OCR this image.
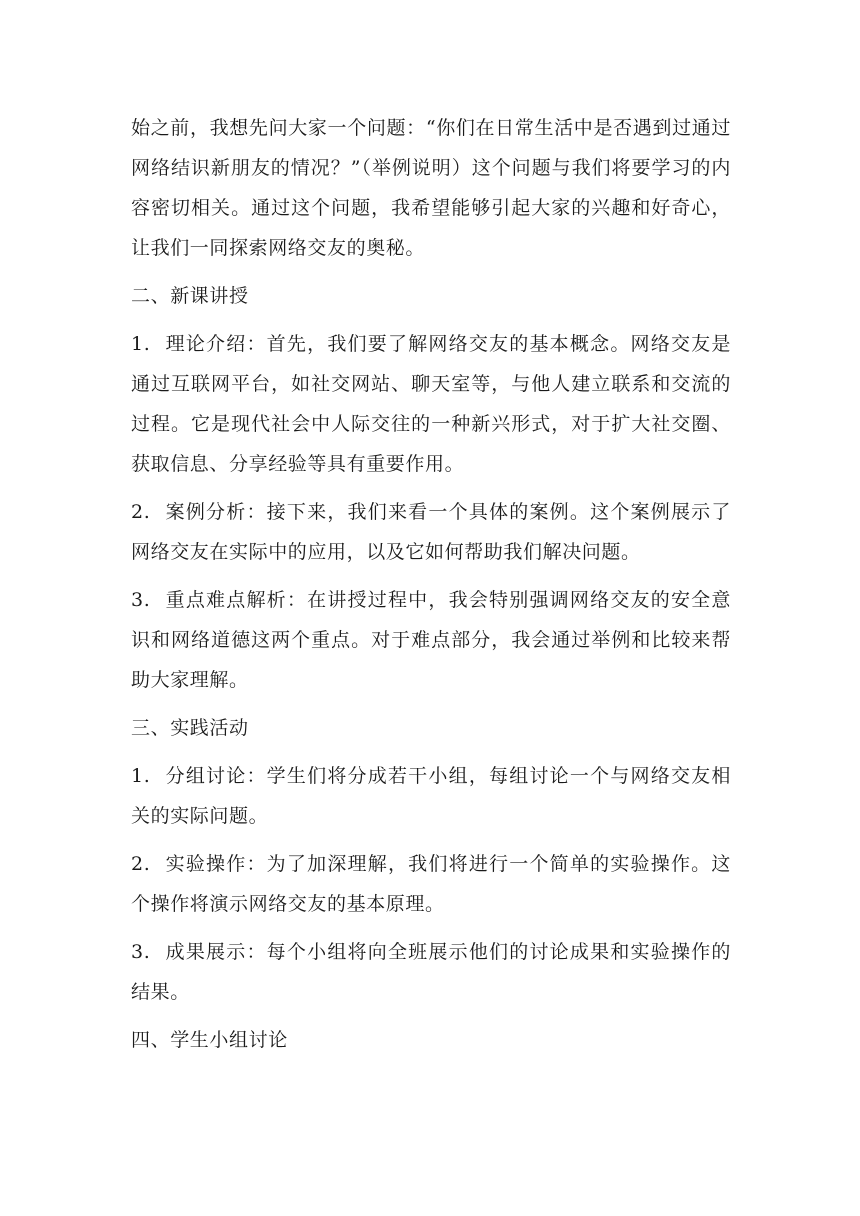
始之前，我想先问大家一个问题：“你们在日常生活中是否遇到过通过网络结识新朋友的情况？”（举例说明）这个问题与我们将要学习的内容密切相关。通过这个问题，我希望能够引起大家的兴趣和好奇心，让我们一同探索网络交友的奥秘。

二、新课讲授

1. 理论介绍：首先，我们要了解网络交友的基本概念。网络交友是通过互联网平台，如社交网站、聊天室等，与他人建立联系和交流的过程。它是现代社会中人际交往的一种新兴形式，对于扩大社交圈、获取信息、分享经验等具有重要作用。

2. 案例分析：接下来，我们来看一个具体的案例。这个案例展示了网络交友在实际中的应用，以及它如何帮助我们解决问题。

3. 重点难点解析：在讲授过程中，我会特别强调网络交友的安全意识和网络道德这两个重点。对于难点部分，我会通过举例和比较来帮助大家理解。

三、实践活动

1. 分组讨论：学生们将分成若干小组，每组讨论一个与网络交友相关的实际问题。

2. 实验操作：为了加深理解，我们将进行一个简单的实验操作。这个操作将演示网络交友的基本原理。

3. 成果展示：每个小组将向全班展示他们的讨论成果和实验操作的结果。

四、学生小组讨论
